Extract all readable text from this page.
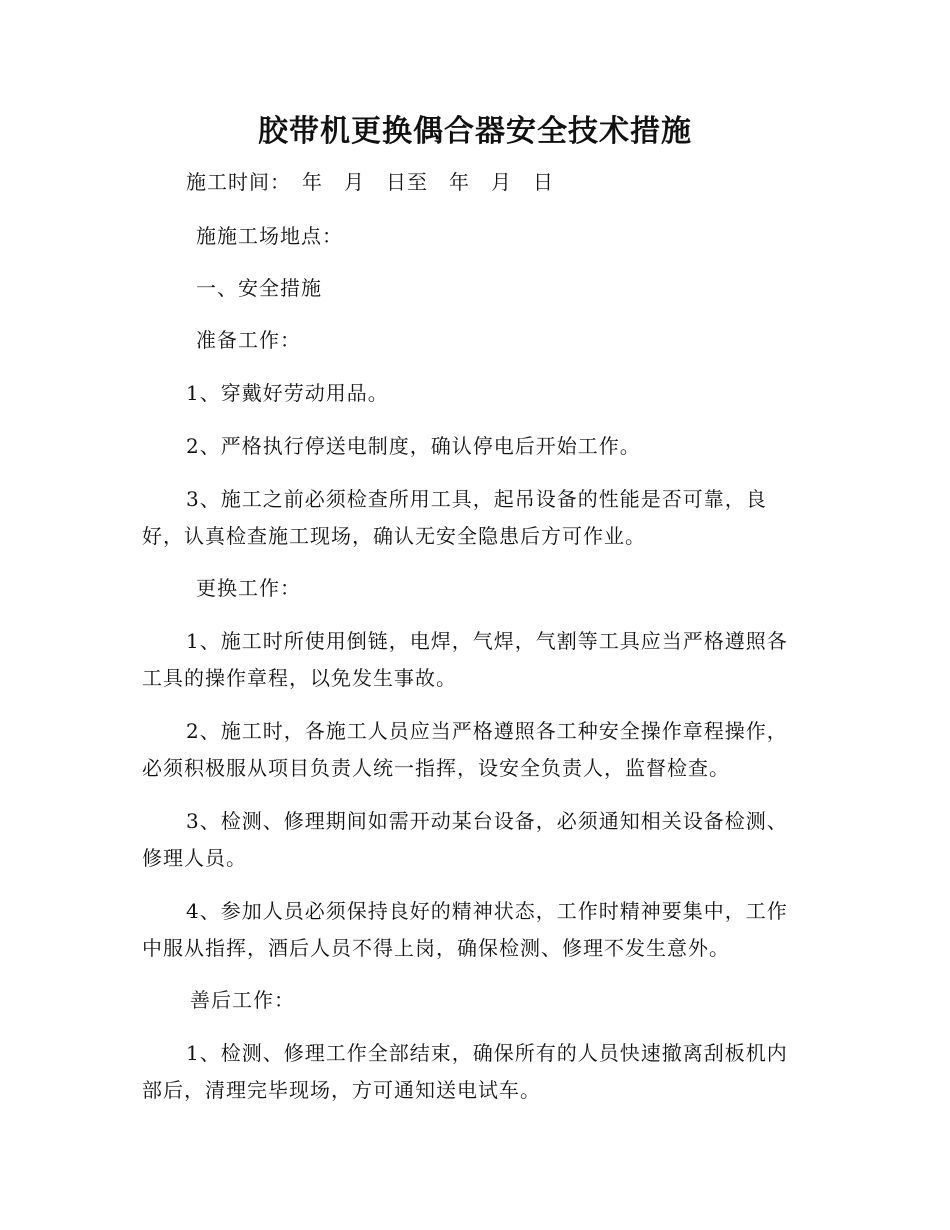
胶带机更换偶合器安全技术措施
施工时间：　年　月　日至　年　月　日
施施工场地点：
一、安全措施
准备工作：
1、穿戴好劳动用品。
2、严格执行停送电制度，确认停电后开始工作。
3、施工之前必须检查所用工具，起吊设备的性能是否可靠，良
好，认真检查施工现场，确认无安全隐患后方可作业。
更换工作：
1、施工时所使用倒链，电焊，气焊，气割等工具应当严格遵照各
工具的操作章程，以免发生事故。
2、施工时，各施工人员应当严格遵照各工种安全操作章程操作，
必须积极服从项目负责人统一指挥，设安全负责人，监督检查。
3、检测、修理期间如需开动某台设备，必须通知相关设备检测、
修理人员。
4、参加人员必须保持良好的精神状态，工作时精神要集中，工作
中服从指挥，酒后人员不得上岗，确保检测、修理不发生意外。
善后工作：
1、检测、修理工作全部结束，确保所有的人员快速撤离刮板机内
部后，清理完毕现场，方可通知送电试车。
